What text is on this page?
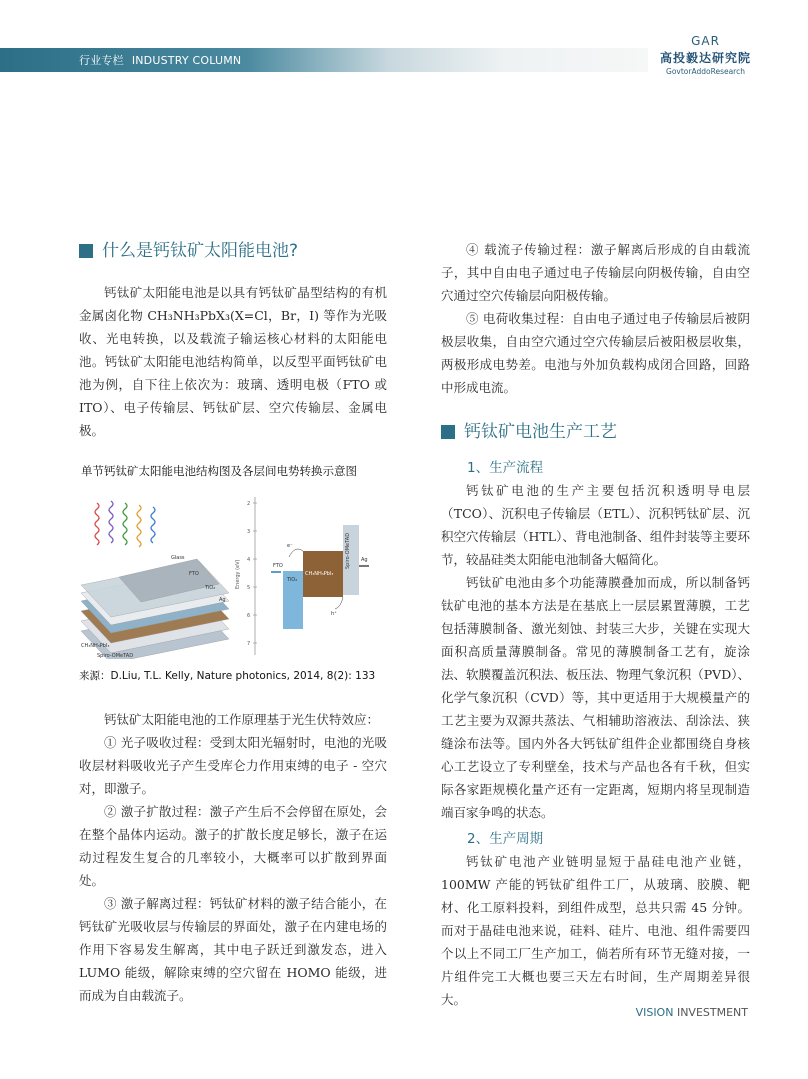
行业专栏 INDUSTRY COLUMN
GAR
高投毅达研究院
GovtorAddoResearch
什么是钙钛矿太阳能电池?

钙钛矿太阳能电池是以具有钙钛矿晶型结构的有机金属卤化物 CH₃NH₃PbX₃(X=Cl，Br，I) 等作为光吸收、光电转换，以及载流子输运核心材料的太阳能电池。钙钛矿太阳能电池结构简单，以反型平面钙钛矿电池为例，自下往上依次为：玻璃、透明电极（FTO 或 ITO）、电子传输层、钙钛矿层、空穴传输层、金属电极。

单节钙钛矿太阳能电池结构图及各层间电势转换示意图
Glass
FTO
TiO₂
Ag
CH₃NH₃PbI₃
Spiro-OMeTAD
Energy (eV)
2
3
4
5
6
7
FTO
TiO₂
CH₃NH₃PbI₃
Spiro-OMeTAD Ag
e⁻
h⁺
来源：D.Liu, T.L. Kelly, Nature photonics, 2014, 8(2): 133

钙钛矿太阳能电池的工作原理基于光生伏特效应：

① 光子吸收过程：受到太阳光辐射时，电池的光吸收层材料吸收光子产生受库仑力作用束缚的电子 - 空穴对，即激子。

② 激子扩散过程：激子产生后不会停留在原处，会在整个晶体内运动。激子的扩散长度足够长，激子在运动过程发生复合的几率较小，大概率可以扩散到界面处。

③ 激子解离过程：钙钛矿材料的激子结合能小，在钙钛矿光吸收层与传输层的界面处，激子在内建电场的作用下容易发生解离，其中电子跃迁到激发态，进入 LUMO 能级，解除束缚的空穴留在 HOMO 能级，进而成为自由载流子。

④ 载流子传输过程：激子解离后形成的自由载流子，其中自由电子通过电子传输层向阴极传输，自由空穴通过空穴传输层向阳极传输。

⑤ 电荷收集过程：自由电子通过电子传输层后被阴极层收集，自由空穴通过空穴传输层后被阳极层收集，两极形成电势差。电池与外加负载构成闭合回路，回路中形成电流。

钙钛矿电池生产工艺
1、生产流程

钙钛矿电池的生产主要包括沉积透明导电层（TCO）、沉积电子传输层（ETL）、沉积钙钛矿层、沉积空穴传输层（HTL）、背电池制备、组件封装等主要环节，较晶硅类太阳能电池制备大幅简化。

钙钛矿电池由多个功能薄膜叠加而成，所以制备钙钛矿电池的基本方法是在基底上一层层累置薄膜，工艺包括薄膜制备、激光刻蚀、封装三大步，关键在实现大面积高质量薄膜制备。常见的薄膜制备工艺有，旋涂法、软膜覆盖沉积法、板压法、物理气象沉积（PVD）、化学气象沉积（CVD）等，其中更适用于大规模量产的工艺主要为双源共蒸法、气相辅助溶液法、刮涂法、狭缝涂布法等。国内外各大钙钛矿组件企业都围绕自身核心工艺设立了专利壁垒，技术与产品也各有千秋，但实际各家距规模化量产还有一定距离，短期内将呈现制造端百家争鸣的状态。

2、生产周期

钙钛矿电池产业链明显短于晶硅电池产业链，100MW 产能的钙钛矿组件工厂，从玻璃、胶膜、靶材、化工原料投料，到组件成型，总共只需 45 分钟。而对于晶硅电池来说，硅料、硅片、电池、组件需要四个以上不同工厂生产加工，倘若所有环节无缝对接，一片组件完工大概也要三天左右时间，生产周期差异很大。

VISION INVESTMENT
